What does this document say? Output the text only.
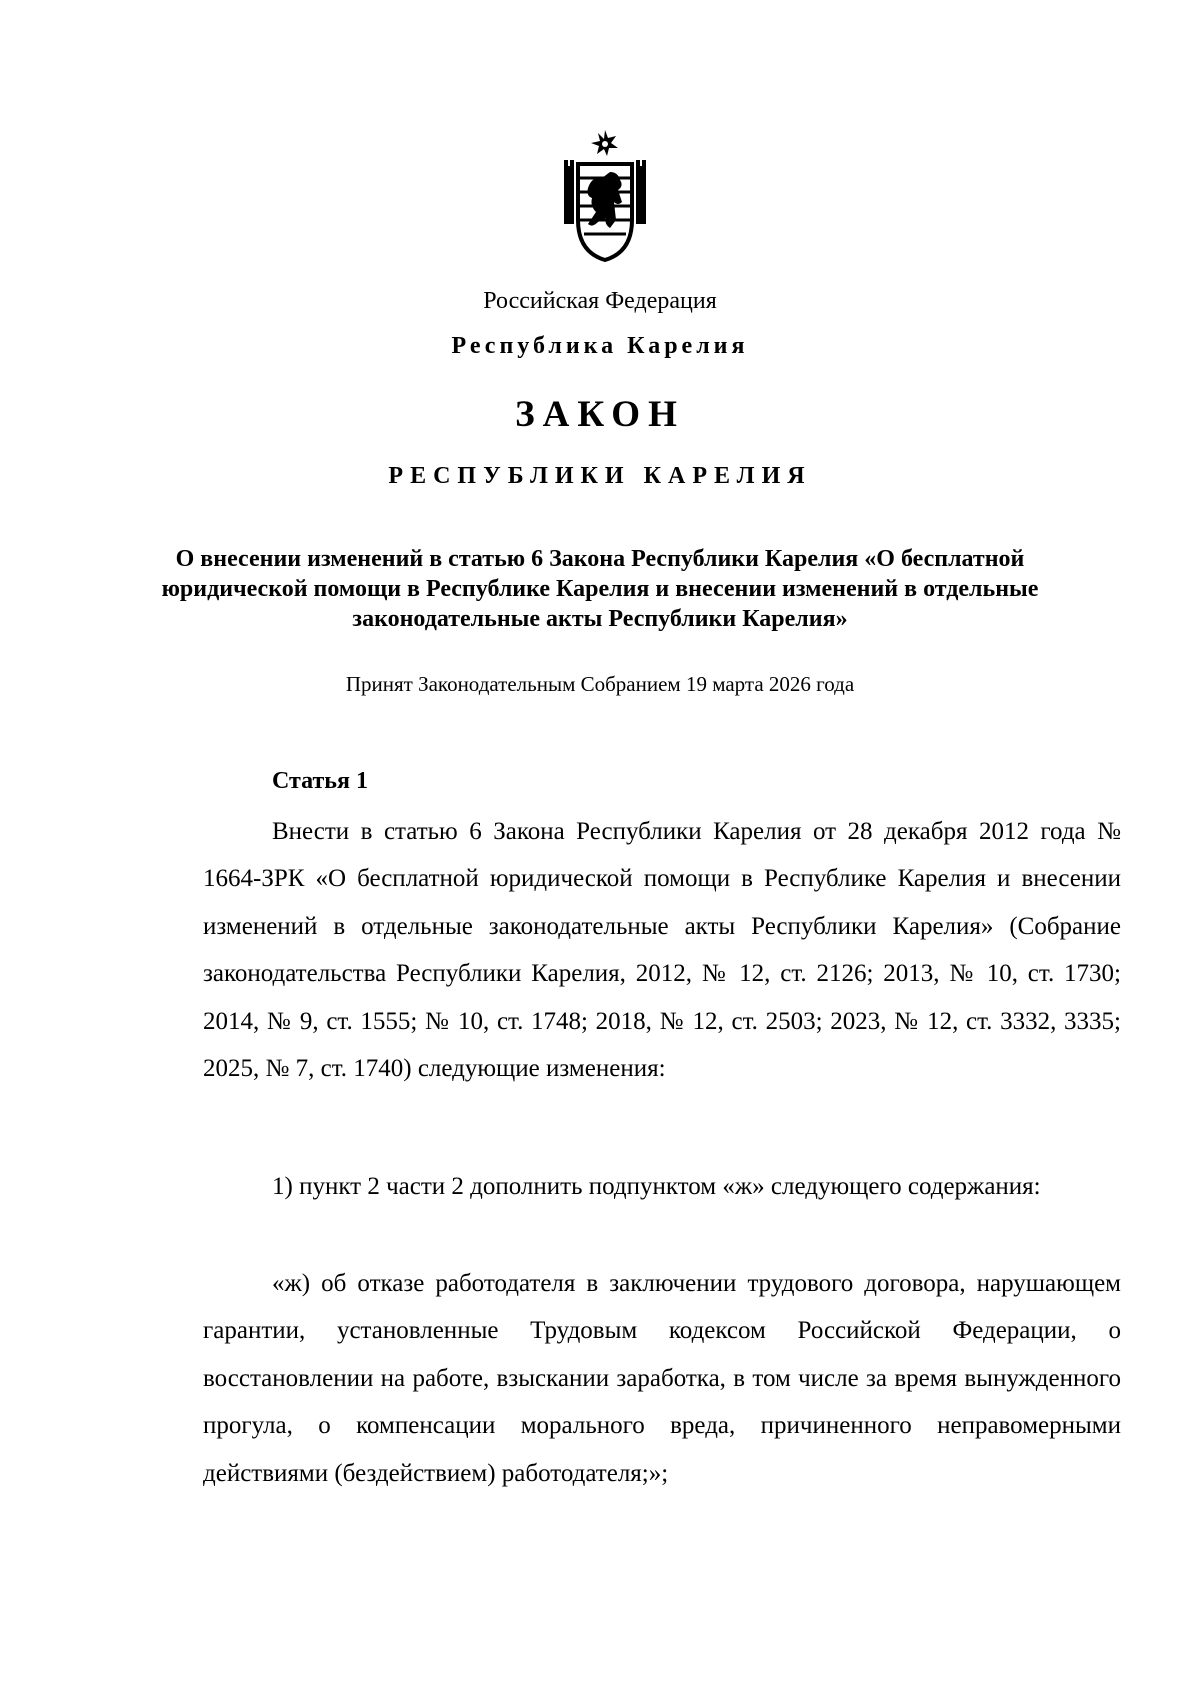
Российская Федерация
Республика Карелия
ЗАКОН
РЕСПУБЛИКИ КАРЕЛИЯ
О внесении изменений в статью 6 Закона Республики Карелия «О бесплатной юридической помощи в Республике Карелия и внесении изменений в отдельные законодательные акты Республики Карелия»
Принят Законодательным Собранием 19 марта 2026 года
Статья 1
Внести в статью 6 Закона Республики Карелия от 28 декабря 2012 года № 1664-ЗРК «О бесплатной юридической помощи в Республике Карелия и внесении изменений в отдельные законодательные акты Республики Карелия» (Собрание законодательства Республики Карелия, 2012, № 12, ст. 2126; 2013, № 10, ст. 1730; 2014, № 9, ст. 1555; № 10, ст. 1748; 2018, № 12, ст. 2503; 2023, № 12, ст. 3332, 3335; 2025, № 7, ст. 1740) следующие изменения:
1) пункт 2 части 2 дополнить подпунктом «ж» следующего содержания:
«ж) об отказе работодателя в заключении трудового договора, нарушающем гарантии, установленные Трудовым кодексом Российской Федерации, о восстановлении на работе, взыскании заработка, в том числе за время вынужденного прогула, о компенсации морального вреда, причиненного неправомерными действиями (бездействием) работодателя;»;
